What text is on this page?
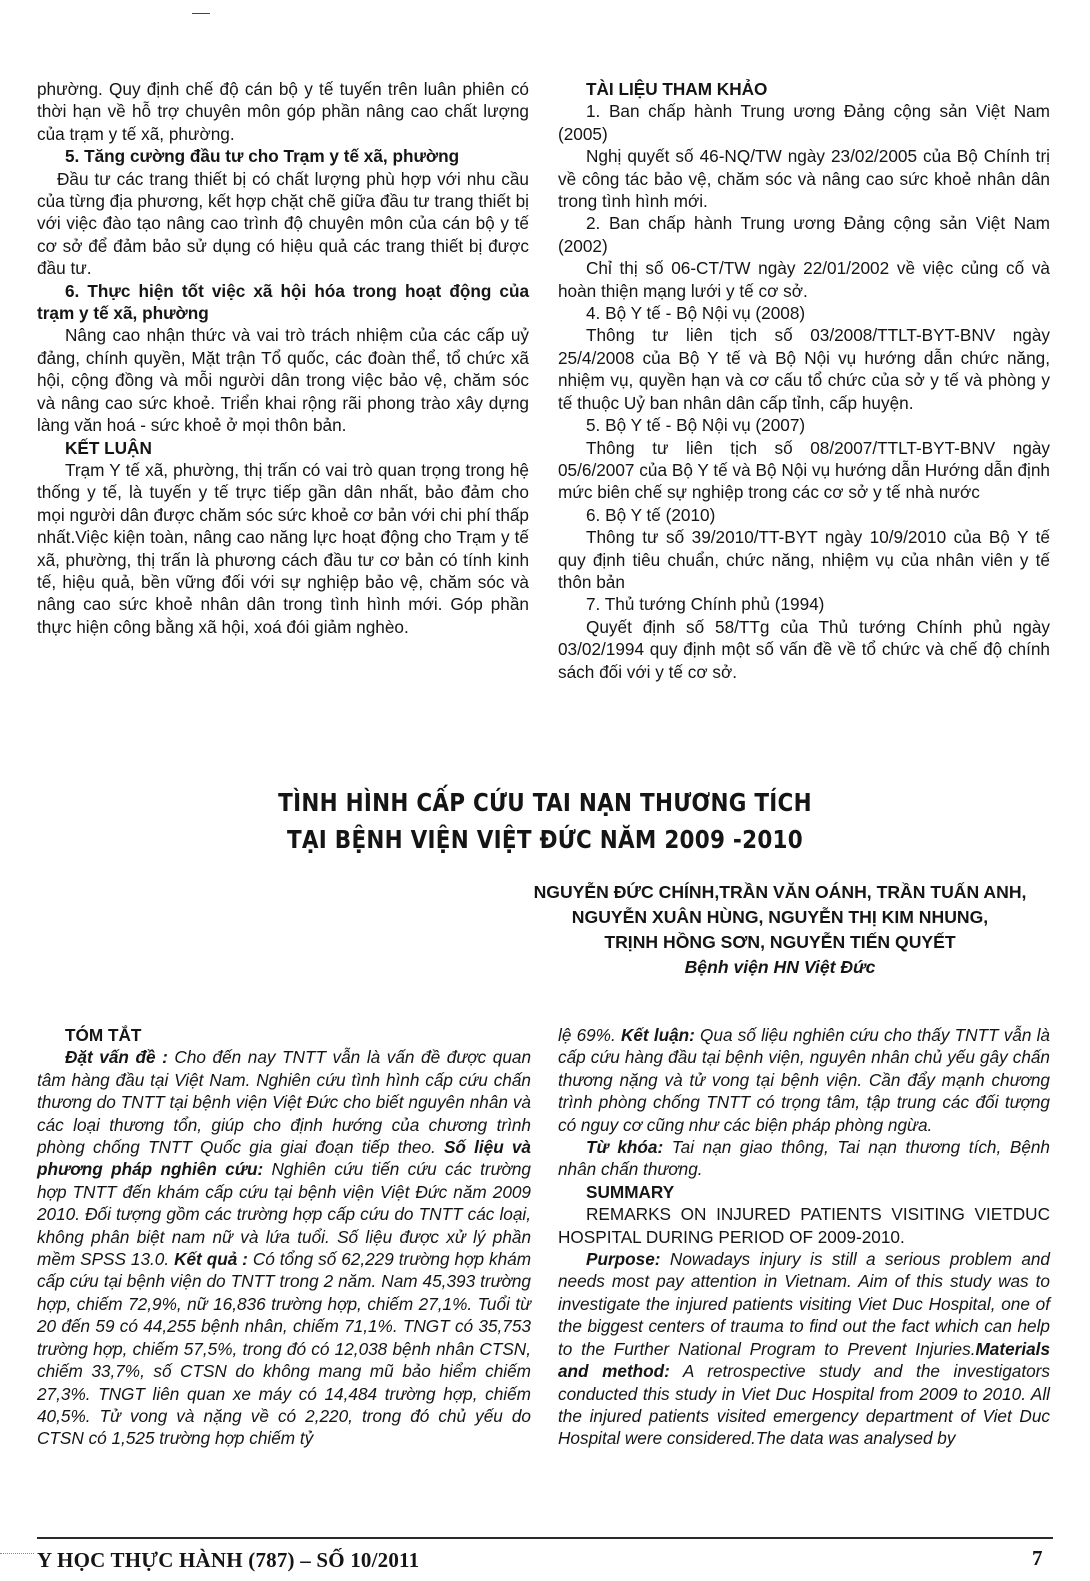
phường. Quy định chế độ cán bộ y tế tuyến trên luân phiên có thời hạn về hỗ trợ chuyên môn góp phần nâng cao chất lượng của trạm y tế xã, phường.

5. Tăng cường đầu tư cho Trạm y tế xã, phường

Đầu tư các trang thiết bị có chất lượng phù hợp với nhu cầu của từng địa phương, kết hợp chặt chẽ giữa đầu tư trang thiết bị với việc đào tạo nâng cao trình độ chuyên môn của cán bộ y tế cơ sở để đảm bảo sử dụng có hiệu quả các trang thiết bị được đầu tư.

6. Thực hiện tốt việc xã hội hóa trong hoạt động của trạm y tế xã, phường

Nâng cao nhận thức và vai trò trách nhiệm của các cấp uỷ đảng, chính quyền, Mặt trận Tổ quốc, các đoàn thể, tổ chức xã hội, cộng đồng và mỗi người dân trong việc bảo vệ, chăm sóc và nâng cao sức khoẻ. Triển khai rộng rãi phong trào xây dựng làng văn hoá - sức khoẻ ở mọi thôn bản.

KẾT LUẬN

Trạm Y tế xã, phường, thị trấn có vai trò quan trọng trong hệ thống y tế, là tuyến y tế trực tiếp gần dân nhất, bảo đảm cho mọi người dân được chăm sóc sức khoẻ cơ bản với chi phí thấp nhất.Việc kiện toàn, nâng cao năng lực hoạt động cho Trạm y tế xã, phường, thị trấn là phương cách đầu tư cơ bản có tính kinh tế, hiệu quả, bền vững đối với sự nghiệp bảo vệ, chăm sóc và nâng cao sức khoẻ nhân dân trong tình hình mới. Góp phần thực hiện công bằng xã hội, xoá đói giảm nghèo.

TÀI LIỆU THAM KHẢO

1. Ban chấp hành Trung ương Đảng cộng sản Việt Nam (2005)

Nghị quyết số 46-NQ/TW ngày 23/02/2005 của Bộ Chính trị về công tác bảo vệ, chăm sóc và nâng cao sức khoẻ nhân dân trong tình hình mới.

2. Ban chấp hành Trung ương Đảng cộng sản Việt Nam (2002)

Chỉ thị số 06-CT/TW ngày 22/01/2002 về việc củng cố và hoàn thiện mạng lưới y tế cơ sở.

4. Bộ Y tế - Bộ Nội vụ (2008)

Thông tư liên tịch số 03/2008/TTLT-BYT-BNV ngày 25/4/2008 của Bộ Y tế và Bộ Nội vụ hướng dẫn chức năng, nhiệm vụ, quyền hạn và cơ cấu tổ chức của sở y tế và phòng y tế thuộc Uỷ ban nhân dân cấp tỉnh, cấp huyện.

5. Bộ Y tế - Bộ Nội vụ (2007)

Thông tư liên tịch số 08/2007/TTLT-BYT-BNV ngày 05/6/2007 của Bộ Y tế và Bộ Nội vụ hướng dẫn Hướng dẫn định mức biên chế sự nghiệp trong các cơ sở y tế nhà nước

6. Bộ Y tế (2010)

Thông tư số 39/2010/TT-BYT ngày 10/9/2010 của Bộ Y tế quy định tiêu chuẩn, chức năng, nhiệm vụ của nhân viên y tế thôn bản

7. Thủ tướng Chính phủ (1994)

Quyết định số 58/TTg của Thủ tướng Chính phủ ngày 03/02/1994 quy định một số vấn đề về tổ chức và chế độ chính sách đối với y tế cơ sở.

TÌNH HÌNH CẤP CỨU TAI NẠN THƯƠNG TÍCH
TẠI BỆNH VIỆN VIỆT ĐỨC NĂM 2009 -2010
NGUYỄN ĐỨC CHÍNH,TRẦN VĂN OÁNH, TRẦN TUẤN ANH,
NGUYỄN XUÂN HÙNG, NGUYỄN THỊ KIM NHUNG,
TRỊNH HỒNG SƠN, NGUYỄN TIẾN QUYẾT
Bệnh viện HN Việt Đức

TÓM TẮT

Đặt vấn đề : Cho đến nay TNTT vẫn là vấn đề được quan tâm hàng đầu tại Việt Nam. Nghiên cứu tình hình cấp cứu chấn thương do TNTT tại bệnh viện Việt Đức cho biết nguyên nhân và các loại thương tổn, giúp cho định hướng của chương trình phòng chống TNTT Quốc gia giai đoạn tiếp theo. Số liệu và phương pháp nghiên cứu: Nghiên cứu tiến cứu các trường hợp TNTT đến khám cấp cứu tại bệnh viện Việt Đức năm 2009 2010. Đối tượng gồm các trường hợp cấp cứu do TNTT các loại, không phân biệt nam nữ và lứa tuổi. Số liệu được xử lý phần mềm SPSS 13.0. Kết quả : Có tổng số 62,229 trường hợp khám cấp cứu tại bệnh viện do TNTT trong 2 năm. Nam 45,393 trường hợp, chiếm 72,9%, nữ 16,836 trường hợp, chiếm 27,1%. Tuổi từ 20 đến 59 có 44,255 bệnh nhân, chiếm 71,1%. TNGT có 35,753 trường hợp, chiếm 57,5%, trong đó có 12,038 bệnh nhân CTSN, chiếm 33,7%, số CTSN do không mang mũ bảo hiểm chiếm 27,3%. TNGT liên quan xe máy có 14,484 trường hợp, chiếm 40,5%. Tử vong và nặng về có 2,220, trong đó chủ yếu do CTSN có 1,525 trường hợp chiếm tỷ

lệ 69%. Kết luận: Qua số liệu nghiên cứu cho thấy TNTT vẫn là cấp cứu hàng đầu tại bệnh viện, nguyên nhân chủ yếu gây chấn thương nặng và tử vong tại bệnh viện. Cần đẩy mạnh chương trình phòng chống TNTT có trọng tâm, tập trung các đối tượng có nguy cơ cũng như các biện pháp phòng ngừa.

Từ khóa: Tai nạn giao thông, Tai nạn thương tích, Bệnh nhân chấn thương.

SUMMARY

REMARKS ON INJURED PATIENTS VISITING VIETDUC HOSPITAL DURING PERIOD OF 2009-2010.

Purpose: Nowadays injury is still a serious problem and needs most pay attention in Vietnam. Aim of this study was to investigate the injured patients visiting Viet Duc Hospital, one of the biggest centers of trauma to find out the fact which can help to the Further National Program to Prevent Injuries.Materials and method: A retrospective study and the investigators conducted this study in Viet Duc Hospital from 2009 to 2010. All the injured patients visited emergency department of Viet Duc Hospital were considered.The data was analysed by

Y HỌC THỰC HÀNH (787) – SỐ 10/2011	7
